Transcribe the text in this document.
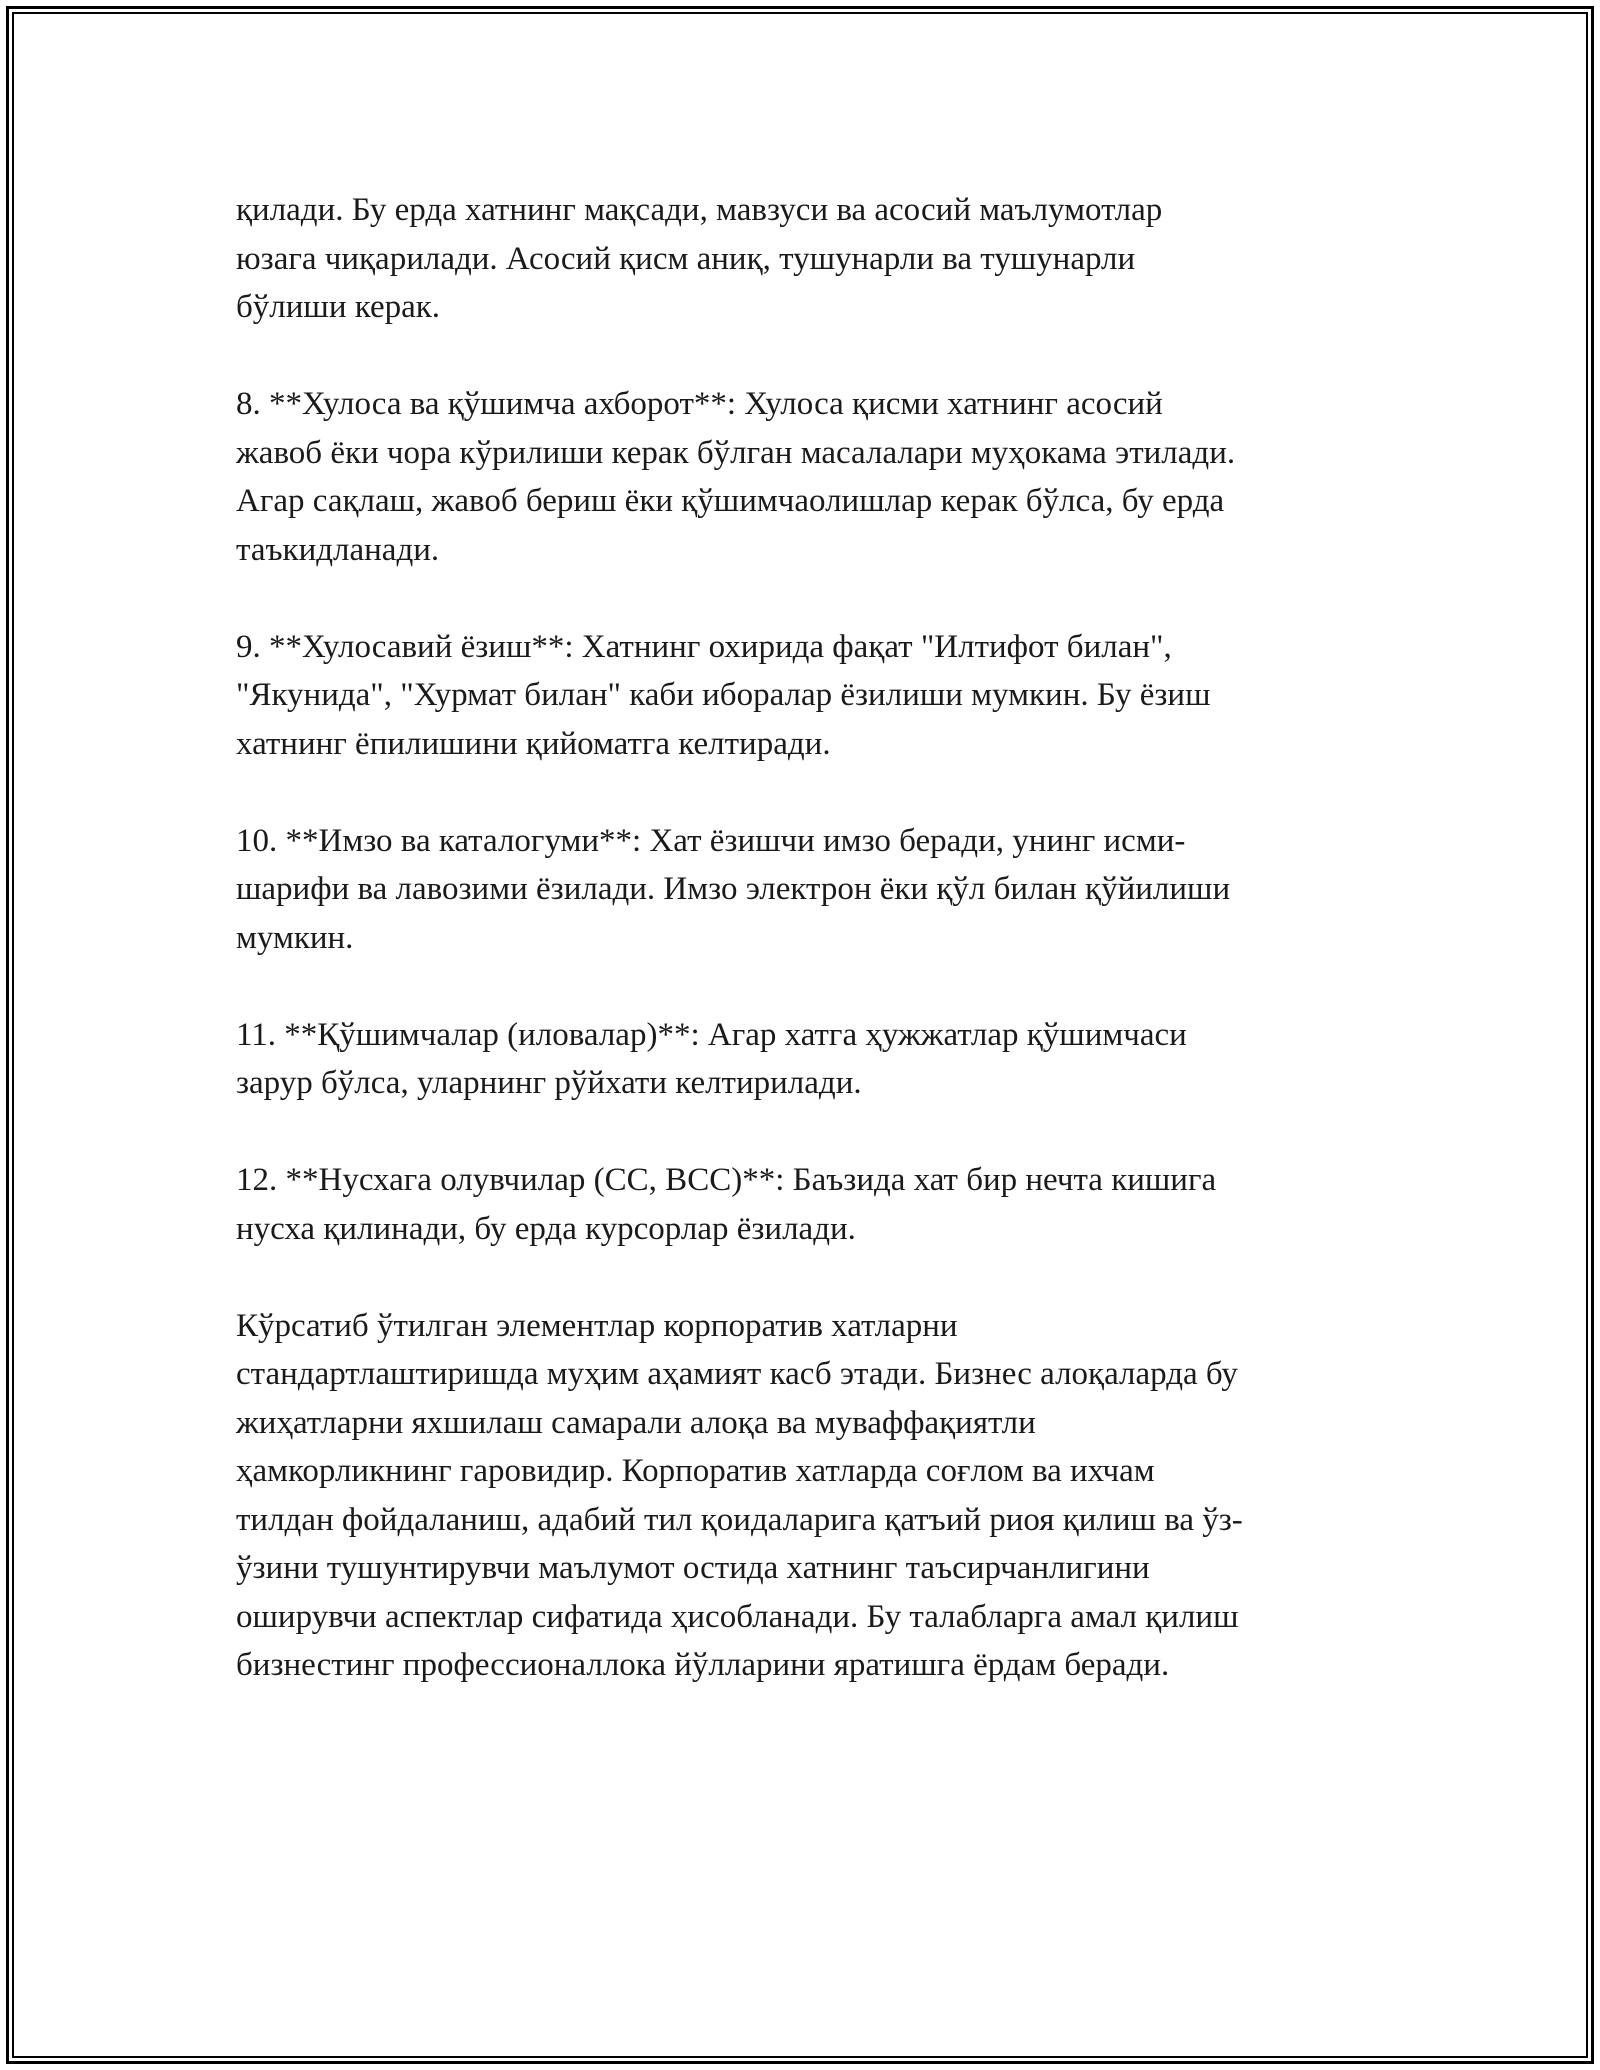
қилади. Бу ерда хатнинг мақсади, мавзуси ва асосий маълумотлар
юзага чиқарилади. Асосий қисм аниқ, тушунарли ва тушунарли
бўлиши керак.

8. **Хулоса ва қўшимча ахборот**: Хулоса қисми хатнинг асосий
жавоб ёки чора кўрилиши керак бўлган масалалари муҳокама этилади.
Агар сақлаш, жавоб бериш ёки қўшимчаолишлар керак бўлса, бу ерда
таъкидланади.

9. **Хулосавий ёзиш**: Хатнинг охирида фақат "Илтифот билан",
"Якунида", "Хурмат билан" каби иборалар ёзилиши мумкин. Бу ёзиш
хатнинг ёпилишини қийоматга келтиради.

10. **Имзо ва каталогуми**: Хат ёзишчи имзо беради, унинг исми-
шарифи ва лавозими ёзилади. Имзо электрон ёки қўл билан қўйилиши
мумкин.

11. **Қўшимчалар (иловалар)**: Агар хатга ҳужжатлар қўшимчаси
зарур бўлса, уларнинг рўйхати келтирилади.

12. **Нусхага олувчилар (CC, BCC)**: Баъзида хат бир нечта кишига
нусха қилинади, бу ерда курсорлар ёзилади.

Кўрсатиб ўтилган элементлар корпоратив хатларни
стандартлаштиришда муҳим аҳамият касб этади. Бизнес алоқаларда бу
жиҳатларни яхшилаш самарали алоқа ва муваффақиятли
ҳамкорликнинг гаровидир. Корпоратив хатларда соғлом ва ихчам
тилдан фойдаланиш, адабий тил қоидаларига қатъий риоя қилиш ва ўз-
ўзини тушунтирувчи маълумот остида хатнинг таъсирчанлигини
оширувчи аспектлар сифатида ҳисобланади. Бу талабларга амал қилиш
бизнестинг профессионаллока йўлларини яратишга ёрдам беради.
